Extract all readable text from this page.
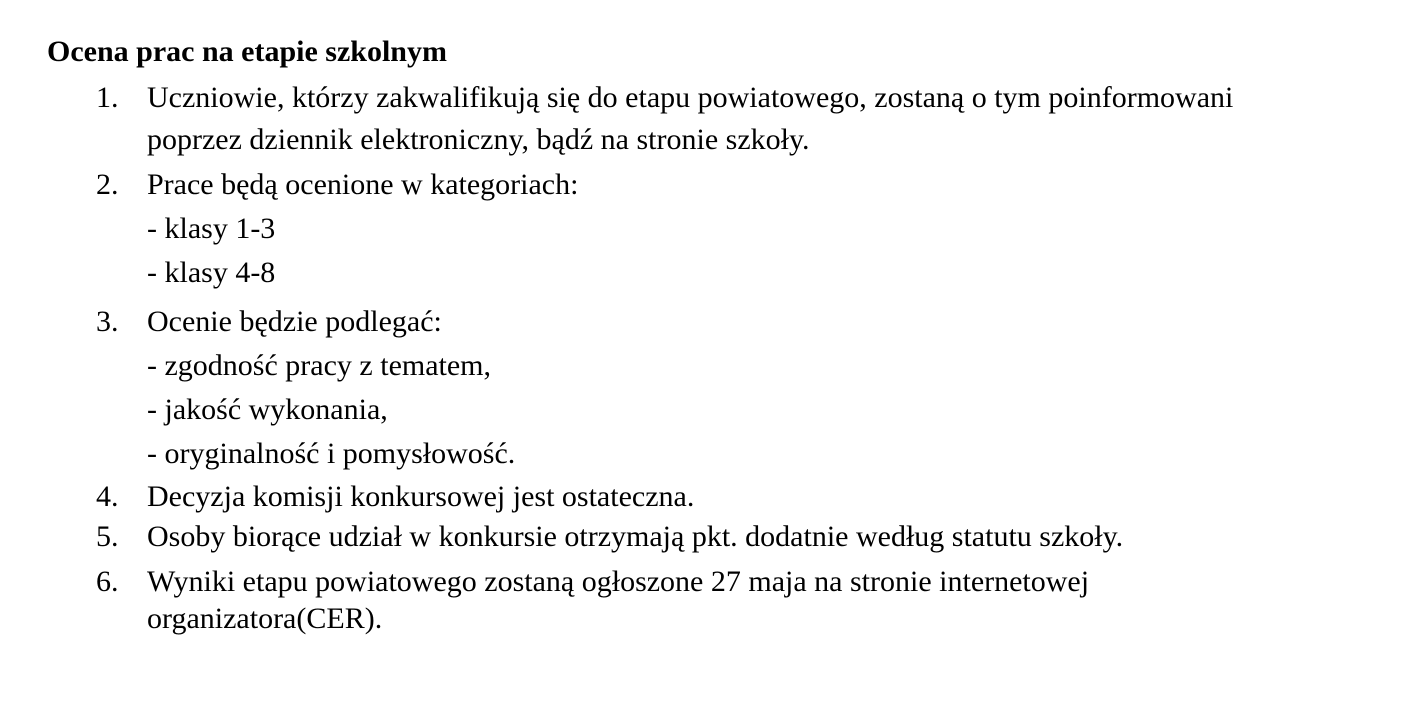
Ocena prac na etapie szkolnym
1. Uczniowie, którzy zakwalifikują się do etapu powiatowego, zostaną o tym poinformowani
poprzez dziennik elektroniczny, bądź na stronie szkoły.
2. Prace będą ocenione w kategoriach:
- klasy 1-3
- klasy 4-8
3. Ocenie będzie podlegać:
- zgodność pracy z tematem,
- jakość wykonania,
- oryginalność i pomysłowość.
4. Decyzja komisji konkursowej jest ostateczna.
5. Osoby biorące udział w konkursie otrzymają pkt. dodatnie według statutu szkoły.
6. Wyniki etapu powiatowego zostaną ogłoszone 27 maja na stronie internetowej
organizatora(CER).
